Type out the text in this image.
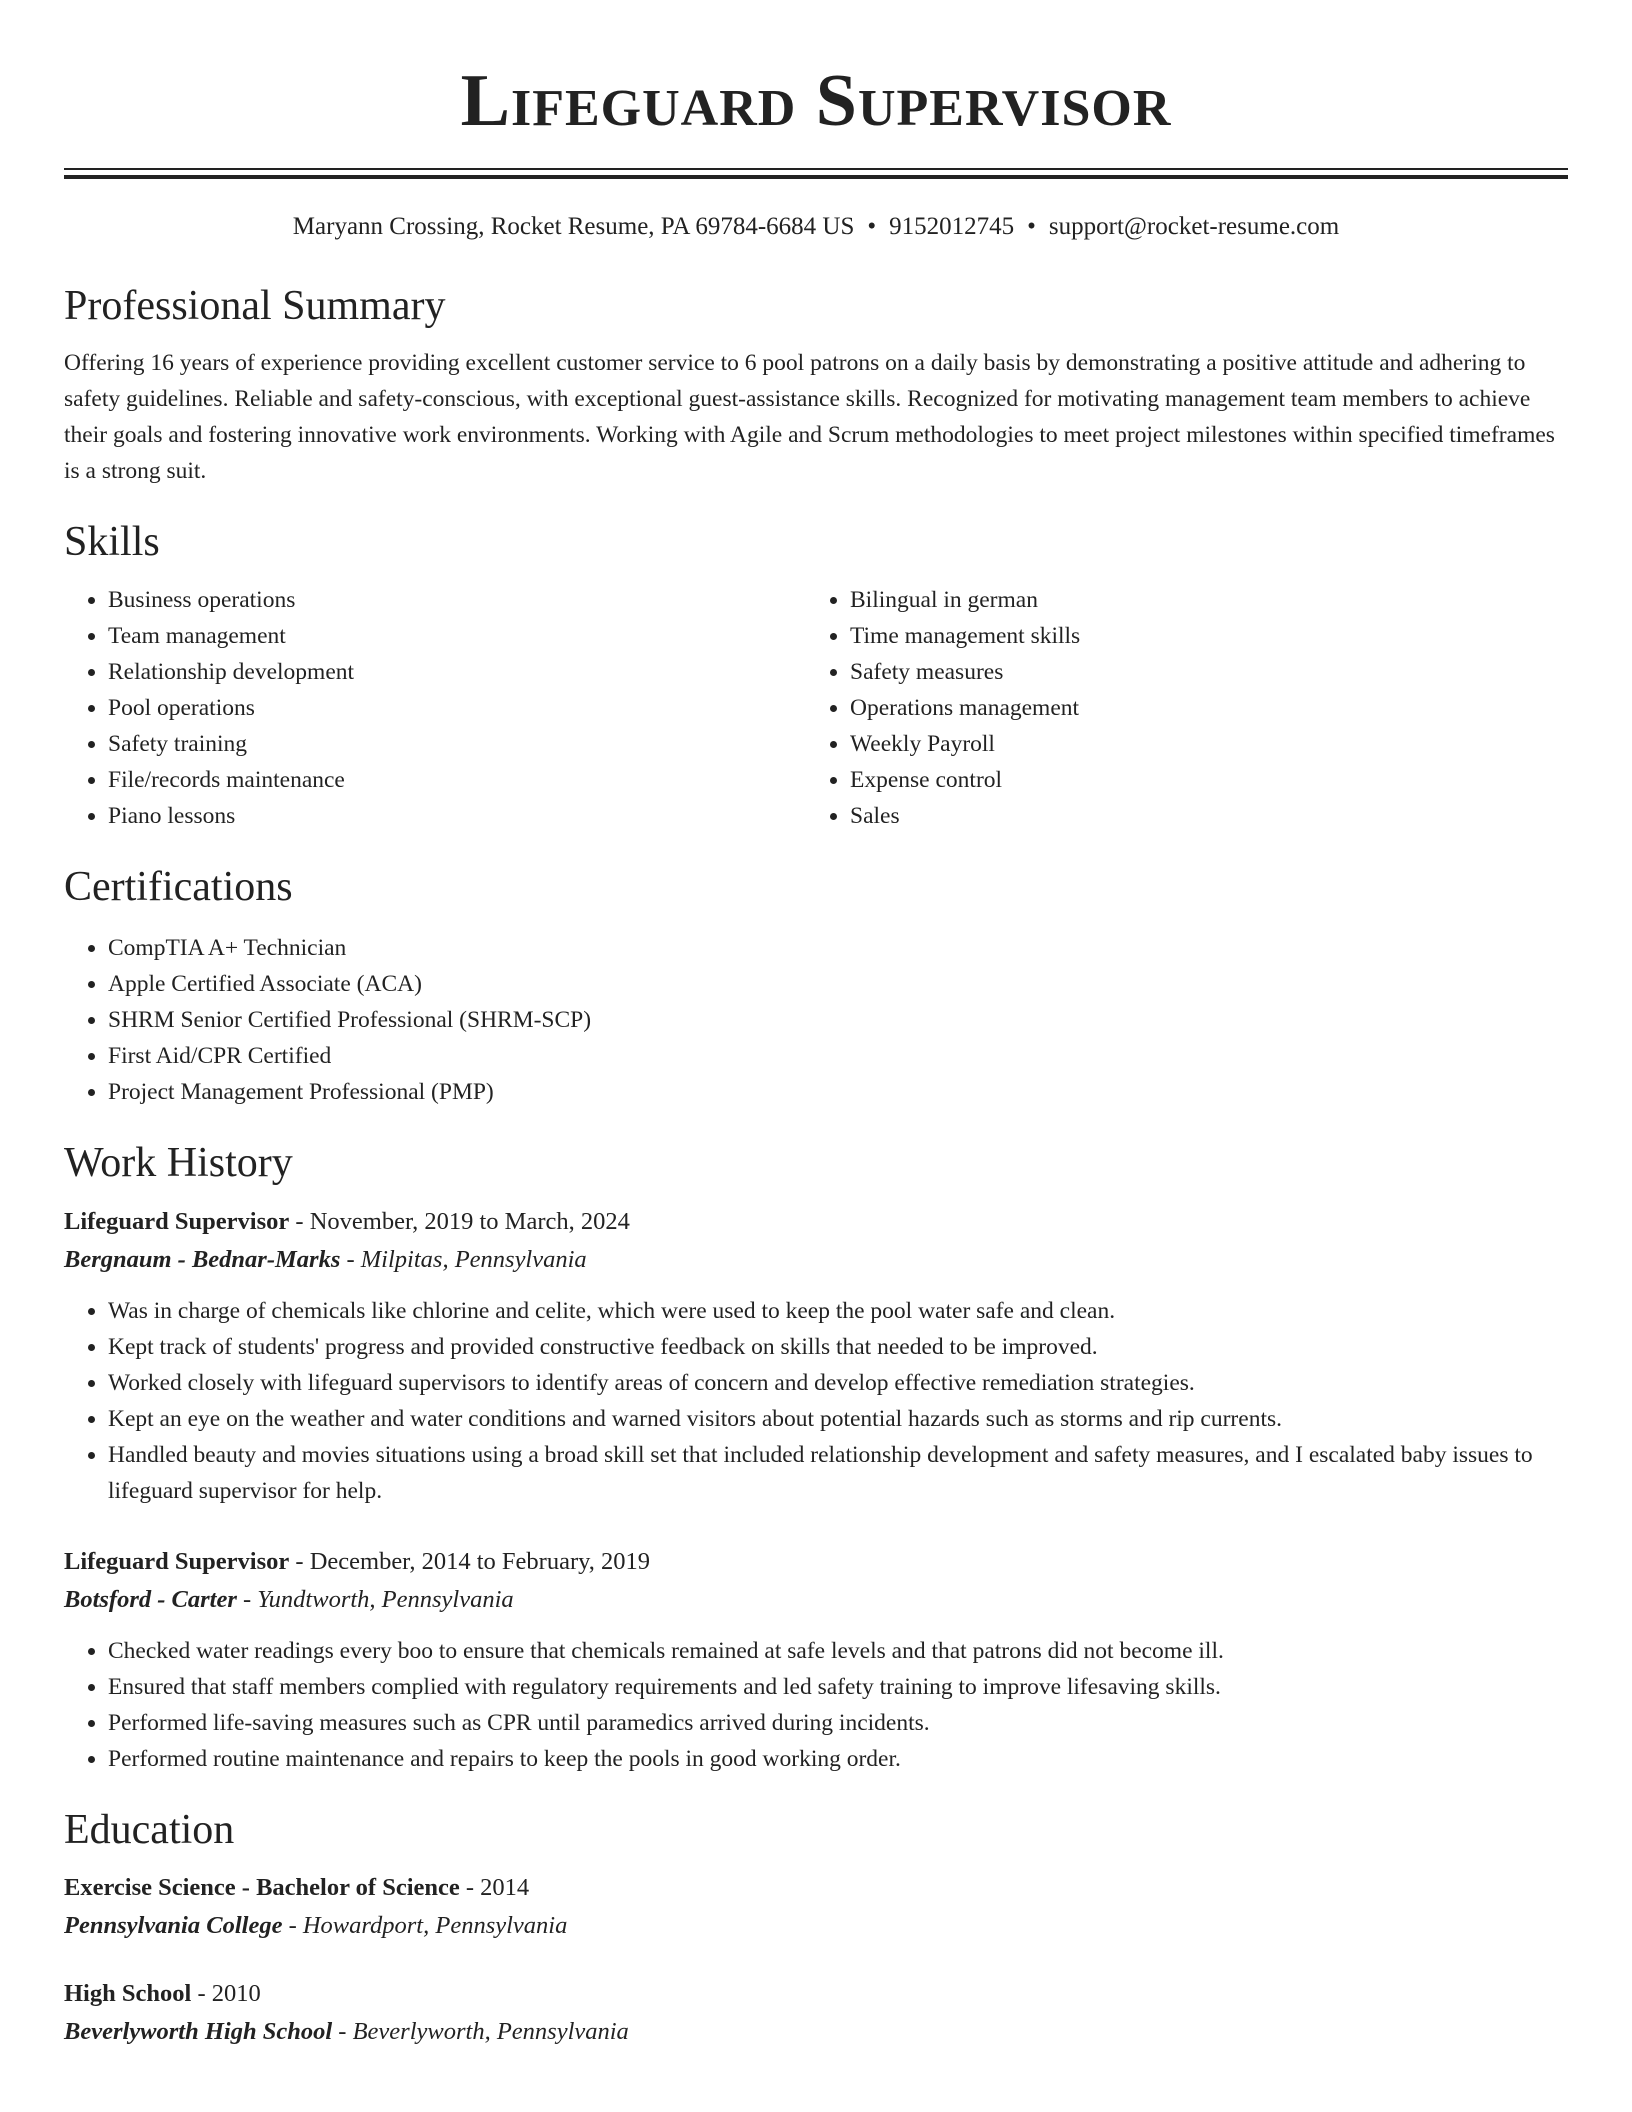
Lifeguard Supervisor
Maryann Crossing, Rocket Resume, PA 69784-6684 US • 9152012745 • support@rocket-resume.com
Professional Summary
Offering 16 years of experience providing excellent customer service to 6 pool patrons on a daily basis by demonstrating a positive attitude and adhering to safety guidelines. Reliable and safety-conscious, with exceptional guest-assistance skills. Recognized for motivating management team members to achieve their goals and fostering innovative work environments. Working with Agile and Scrum methodologies to meet project milestones within specified timeframes is a strong suit.
Skills
• Business operations
• Team management
• Relationship development
• Pool operations
• Safety training
• File/records maintenance
• Piano lessons
• Bilingual in german
• Time management skills
• Safety measures
• Operations management
• Weekly Payroll
• Expense control
• Sales
Certifications
• CompTIA A+ Technician
• Apple Certified Associate (ACA)
• SHRM Senior Certified Professional (SHRM-SCP)
• First Aid/CPR Certified
• Project Management Professional (PMP)
Work History
Lifeguard Supervisor - November, 2019 to March, 2024
Bergnaum - Bednar-Marks - Milpitas, Pennsylvania
• Was in charge of chemicals like chlorine and celite, which were used to keep the pool water safe and clean.
• Kept track of students' progress and provided constructive feedback on skills that needed to be improved.
• Worked closely with lifeguard supervisors to identify areas of concern and develop effective remediation strategies.
• Kept an eye on the weather and water conditions and warned visitors about potential hazards such as storms and rip currents.
• Handled beauty and movies situations using a broad skill set that included relationship development and safety measures, and I escalated baby issues to lifeguard supervisor for help.
Lifeguard Supervisor - December, 2014 to February, 2019
Botsford - Carter - Yundtworth, Pennsylvania
• Checked water readings every boo to ensure that chemicals remained at safe levels and that patrons did not become ill.
• Ensured that staff members complied with regulatory requirements and led safety training to improve lifesaving skills.
• Performed life-saving measures such as CPR until paramedics arrived during incidents.
• Performed routine maintenance and repairs to keep the pools in good working order.
Education
Exercise Science - Bachelor of Science - 2014
Pennsylvania College - Howardport, Pennsylvania
High School - 2010
Beverlyworth High School - Beverlyworth, Pennsylvania
